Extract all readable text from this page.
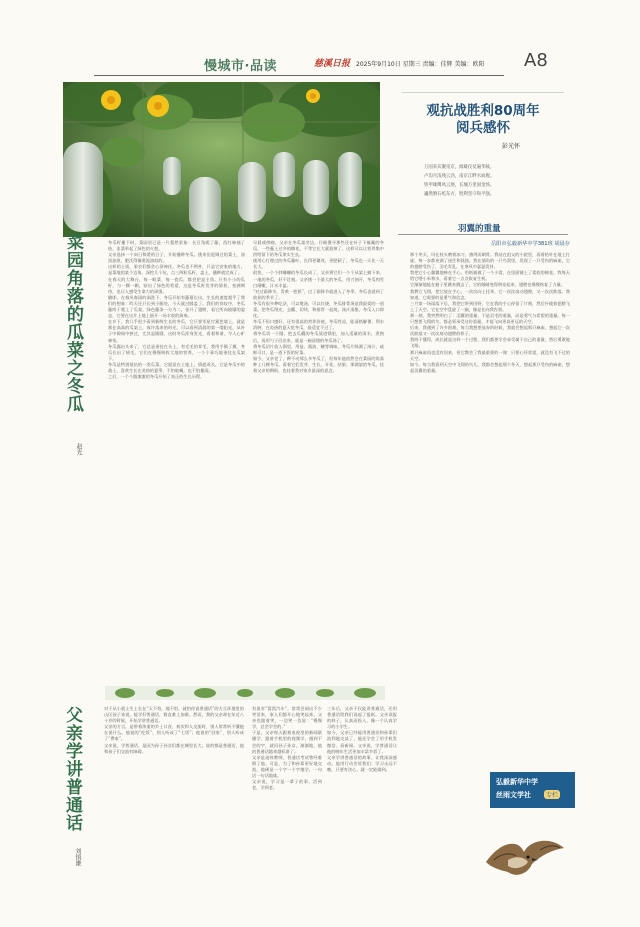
慢城市·品读	慈溪日报 2025年9月10日 星期三 责编：佳辉 美编：欧阳 A8
菜园角落的瓜菜之冬瓜
赵光
冬瓜籽播下时，菜园里已是一片葱然景象：长豆角爬了藤，西红柿抽了枝，韭菜举起了绿色的火把。
父亲选择一个向日和缓的日子，开始播种冬瓜。挑来田泥调过的菜土，油黑油黑，肥沃得像要流油似的。
这样的土质，果农们都会心领神往。冬瓜也不例外，只是它安家的地方，是菜地的某个边角。深挖几个坑，点三两粒瓜籽，盖土，播种就完成了。
在春天的大舞台，每一畦菜、每一瓷瓜，都会把是主角。只有小小的瓜籽，与一颗一颗，钻出了绿色的希望，这是冬瓜籽发芽的情景，充满期待，也让人感受生命力的顽强。
随即，在春风春雨的洞洗下，冬瓜开始有藤蔓长出，生长的速度超乎了我们的想象：昨天还只长到小腿处，今天就过膝盖了。我们的惊叹中，冬瓜藤终于爬上了瓜架，绿色藤条一分为二，张开了翅膀，看它所向披靡的姿态，它要在这片土地上展开一场丰收的演奏。
在乡下，我几乎很少看到新鲜生长的冬瓜，它只要零星打篱笆墙上，就是那在高高的瓜架上，或许落来的时光，可以看到清晨的第一缕阳光，从叶子中隙间中挤过，尤其是圆圆，这时冬瓜浑身发光，看着和谐，令人心旷神怡。
冬瓜露出头来了，它总是垂挂在头上，有毛毛的茸毛，我用手摸了摸，冬瓜长出了绒毛，它们在慢慢吸收大地的营养，一个个乖巧地垂挂在瓜架下。
冬瓜是特别抵抗的一类瓜菜，它愿意在土地上，情愿成长，它是冬瓜中的战士，喜欢生长在炎热的夏季，不怕蚊蝇，也不怕暴雨。
之后，一个个圆滚滚的冬瓜开始了真正的生长历程。
早晨或傍晚，父亲在冬瓜架旁边，仔细搜寻那些还在叶子下躲藏的冬瓜，一些藤上过多的雌花，不等它长大就掐掉了，这样可以让营养集中供给留下的冬瓜果实生长。
使用心打理过的冬瓜藤叶，长得更繁茂，更肥硕了，冬瓜也一天比一天长大。
很快，一个个胖嘟嘟的冬瓜长成了，父亲将它们一个个从架上摘下来，一地的冬瓜，好不壮观。父亲挑一个最大的冬瓜，用刀剖开，冬瓜肉雪白细嫩，汁水丰盈。
“对过霜降节，青黄一把抓”，过了霜降节就进入了冬季，冬瓜也就到了收获的季节了。
冬瓜有很多种吃法，可以煲汤，可以红烧，冬瓜排骨汤是我最爱的一道菜。把冬瓜削皮、去瓤、切块，和排骨一起炖，汤汁清甜，冬瓜入口即化。
冬瓜不但口感好，还有很高的营养价值。冬瓜性凉，能清热解暑、利水消肿，在炎热的夏天吃冬瓜，最适宜不过了。
将冬瓜切一个圆，把去瓜瓤的冬瓜放进锅里，加入适量的清水，煮熟后，再用勺子舀出来，就是一碗清甜的冬瓜汤了。
将冬瓜切片放入锅里，用盐、酱油、糖等调味，冬瓜片吸满了汤汁，咸鲜可口，是一道下饭的好菜。
如今，父亲老了，种不动那么多冬瓜了，但每年他依然会在菜园的角落种上几棵冬瓜，看着它们发芽、生长、开花、结果。那满架的冬瓜，挂着父亲的期盼，也挂着我对家乡最深的思念。
观抗战胜利80周年
阅兵感怀
彭光怀
万国来宾聚帝京，闻雄仪仗遍华陵。
卢沟月浅残云劲，南京江畔水血腥。
铁甲雄鹰风云展，长城万里固金汤。
巍然磐石屹东方，胜利坚守和平强。
羽翼的重量
岳阳市弘毅新华中学381班 胡晨存
那个冬天，风在枝头磨着冰刀，凛冽而刺骨。我站在祖父的小院里，看着枯叶在地上打旋，每一步都充满了迷茫和孤独。我在墙角的一只鸟窝里，发现了一只受伤的麻雀，它的翅膀受伤了，羽毛零乱，在寒风中瑟瑟发抖。
我把它小心翼翼地捧在手心，用纸箱做了一个小窝，在里面铺上了柔软的棉花。我每天给它喂小米和水，看着它一点点恢复生机。
它渐渐地能在箱子里跳来跳去了，它的眼睛变得明亮起来，翅膀也慢慢恢复了力量。
我教它飞翔，把它放在手心，一次次向上托举，它一次次扇动翅膀，又一次次跌落。我知道，它需要的是勇气和信念。
三月第一场雨落下后，我把它带到田野，它在我的手心停留了片刻，然后扑棱着翅膀飞上了天空。它在空中盘旋了一圈，像是在向我告别。
那一刻，我突然明白了：羽翼的重量，不是羽毛的重量，而是勇气与希望的重量。每一只想要飞翔的鸟，都必须承受这份重量，才能飞向更高更远的天空。
后来，我遇到了许多困难，每当我想要放弃的时候，我就会想起那只麻雀，想起它一次次跌落又一次次扇动翅膀的样子。
我终于懂得，成长就是这样一个过程，我们都要学会承受属于自己的重量，然后勇敢地飞翔。
那只麻雀再也没有回来，但它教会了我最重要的一课：只要心怀希望，就没有飞不过的天空。
如今，每当我看到天空中飞翔的鸟儿，我都会想起那个冬天，想起那只受伤的麻雀，想起羽翼的重量。
弘毅新华中学
丝雨文学社	专栏
父亲学讲普通话
刘慎雄
对于从小就土生土长在“天不怕，地不怕，就怕你说普通话”的方言环境里的山区孩子来说，能学好普通话，简直难上加难。然而，我的父亲却在年近八十岁的时候，开始学讲普通话。
父亲的方言，是带着浓重的乡土口音，初次和人交流时，别人常常听不懂他在说什么。他说的“吃饭”，别人听成了“七饭”；他说的“回家”，别人听成了“费家”。
父亲说，学普通话，是因为孙子孙女们都在城里长大，说的都是普通话，他和孩子们交流有障碍。
有说有“窝窝汽车”，常常会闹出不少笑话来，家人们都开心地笑起来。父亲也跟着笑，一边笑一边说：“慢慢学，总会学会的。”
于是，父亲每天跟着电视里的新闻联播学，跟着手机里的视频学，遇到不会的字，就问孙子孙女。渐渐地，他的普通话越来越标准了。
父亲是退休教师，普通话考试曾经难倒了他。可是，为了和孙辈更好地交流，他硬是一个字一个字地学，一句话一句话地练。
父亲说，学习是一辈子的事，活到老，学到老。
三年后，父亲不仅能讲普通话，还用普通话给我们读起了报纸。父亲读报的样子，认真而投入，像一个认真学习的小学生。
如今，父亲已经能用普通话和孙辈们流利地交谈了，他还学会了用手机发微信、看新闻。父亲说，学普通话让他的晚年生活更加丰富多彩了。
父亲学讲普通话的故事，让我深深感动。他用行动告诉我们：学习永远不晚，只要有决心，就一定能做到。
